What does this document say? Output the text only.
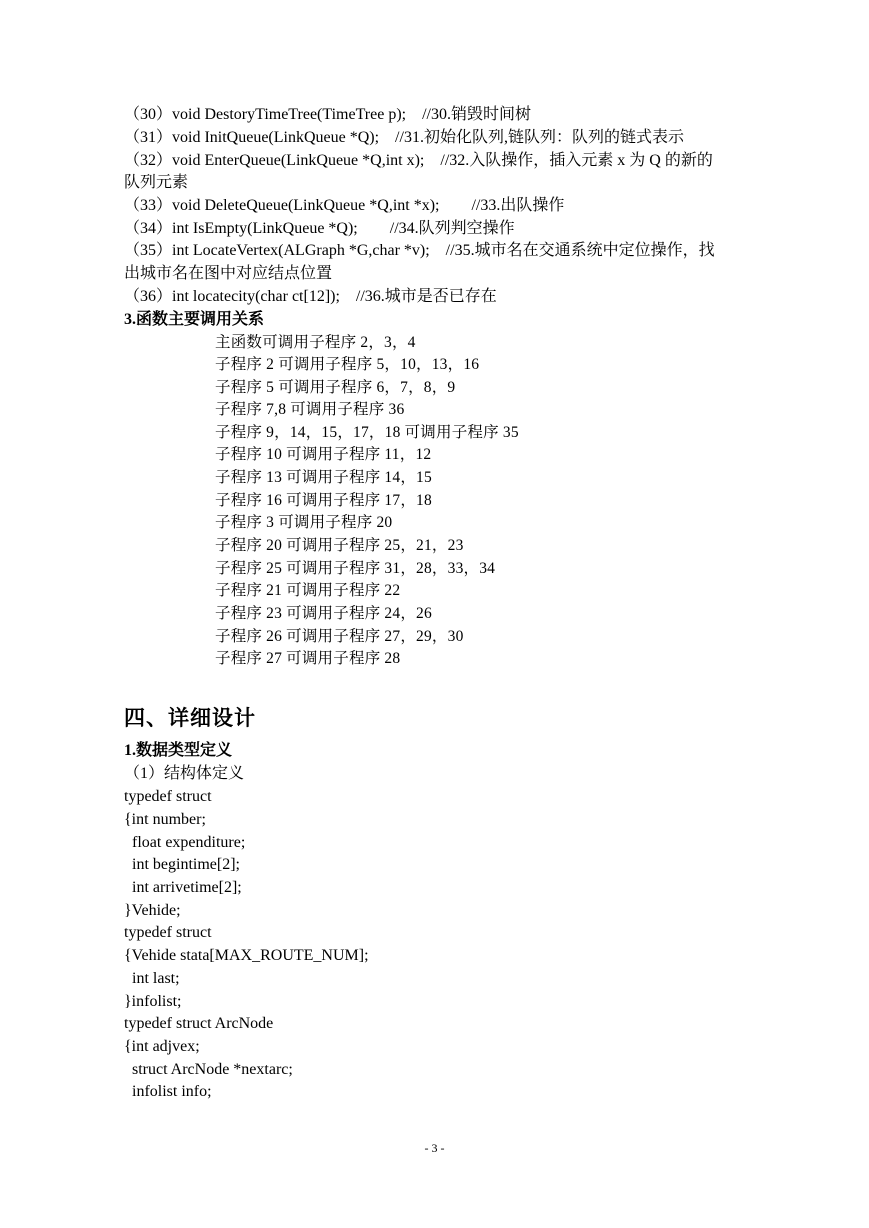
（30）void DestoryTimeTree(TimeTree p);　//30.销毁时间树
（31）void InitQueue(LinkQueue *Q);　//31.初始化队列,链队列：队列的链式表示
（32）void EnterQueue(LinkQueue *Q,int x);　//32.入队操作，插入元素 x 为 Q 的新的
队列元素
（33）void DeleteQueue(LinkQueue *Q,int *x);　　//33.出队操作
（34）int IsEmpty(LinkQueue *Q);　　//34.队列判空操作
（35）int LocateVertex(ALGraph *G,char *v);　//35.城市名在交通系统中定位操作，找
出城市名在图中对应结点位置
（36）int locatecity(char ct[12]);　//36.城市是否已存在
3.函数主要调用关系
主函数可调用子程序 2，3，4
子程序 2 可调用子程序 5，10，13，16
子程序 5 可调用子程序 6，7，8，9
子程序 7,8 可调用子程序 36
子程序 9，14，15，17，18 可调用子程序 35
子程序 10 可调用子程序 11，12
子程序 13 可调用子程序 14，15
子程序 16 可调用子程序 17，18
子程序 3 可调用子程序 20
子程序 20 可调用子程序 25，21，23
子程序 25 可调用子程序 31，28，33，34
子程序 21 可调用子程序 22
子程序 23 可调用子程序 24，26
子程序 26 可调用子程序 27，29，30
子程序 27 可调用子程序 28
四、详细设计
1.数据类型定义
（1）结构体定义
typedef struct
{int number;
float expenditure;
int begintime[2];
int arrivetime[2];
}Vehide;
typedef struct
{Vehide stata[MAX_ROUTE_NUM];
int last;
}infolist;
typedef struct ArcNode
{int adjvex;
struct ArcNode *nextarc;
infolist info;
- 3 -
